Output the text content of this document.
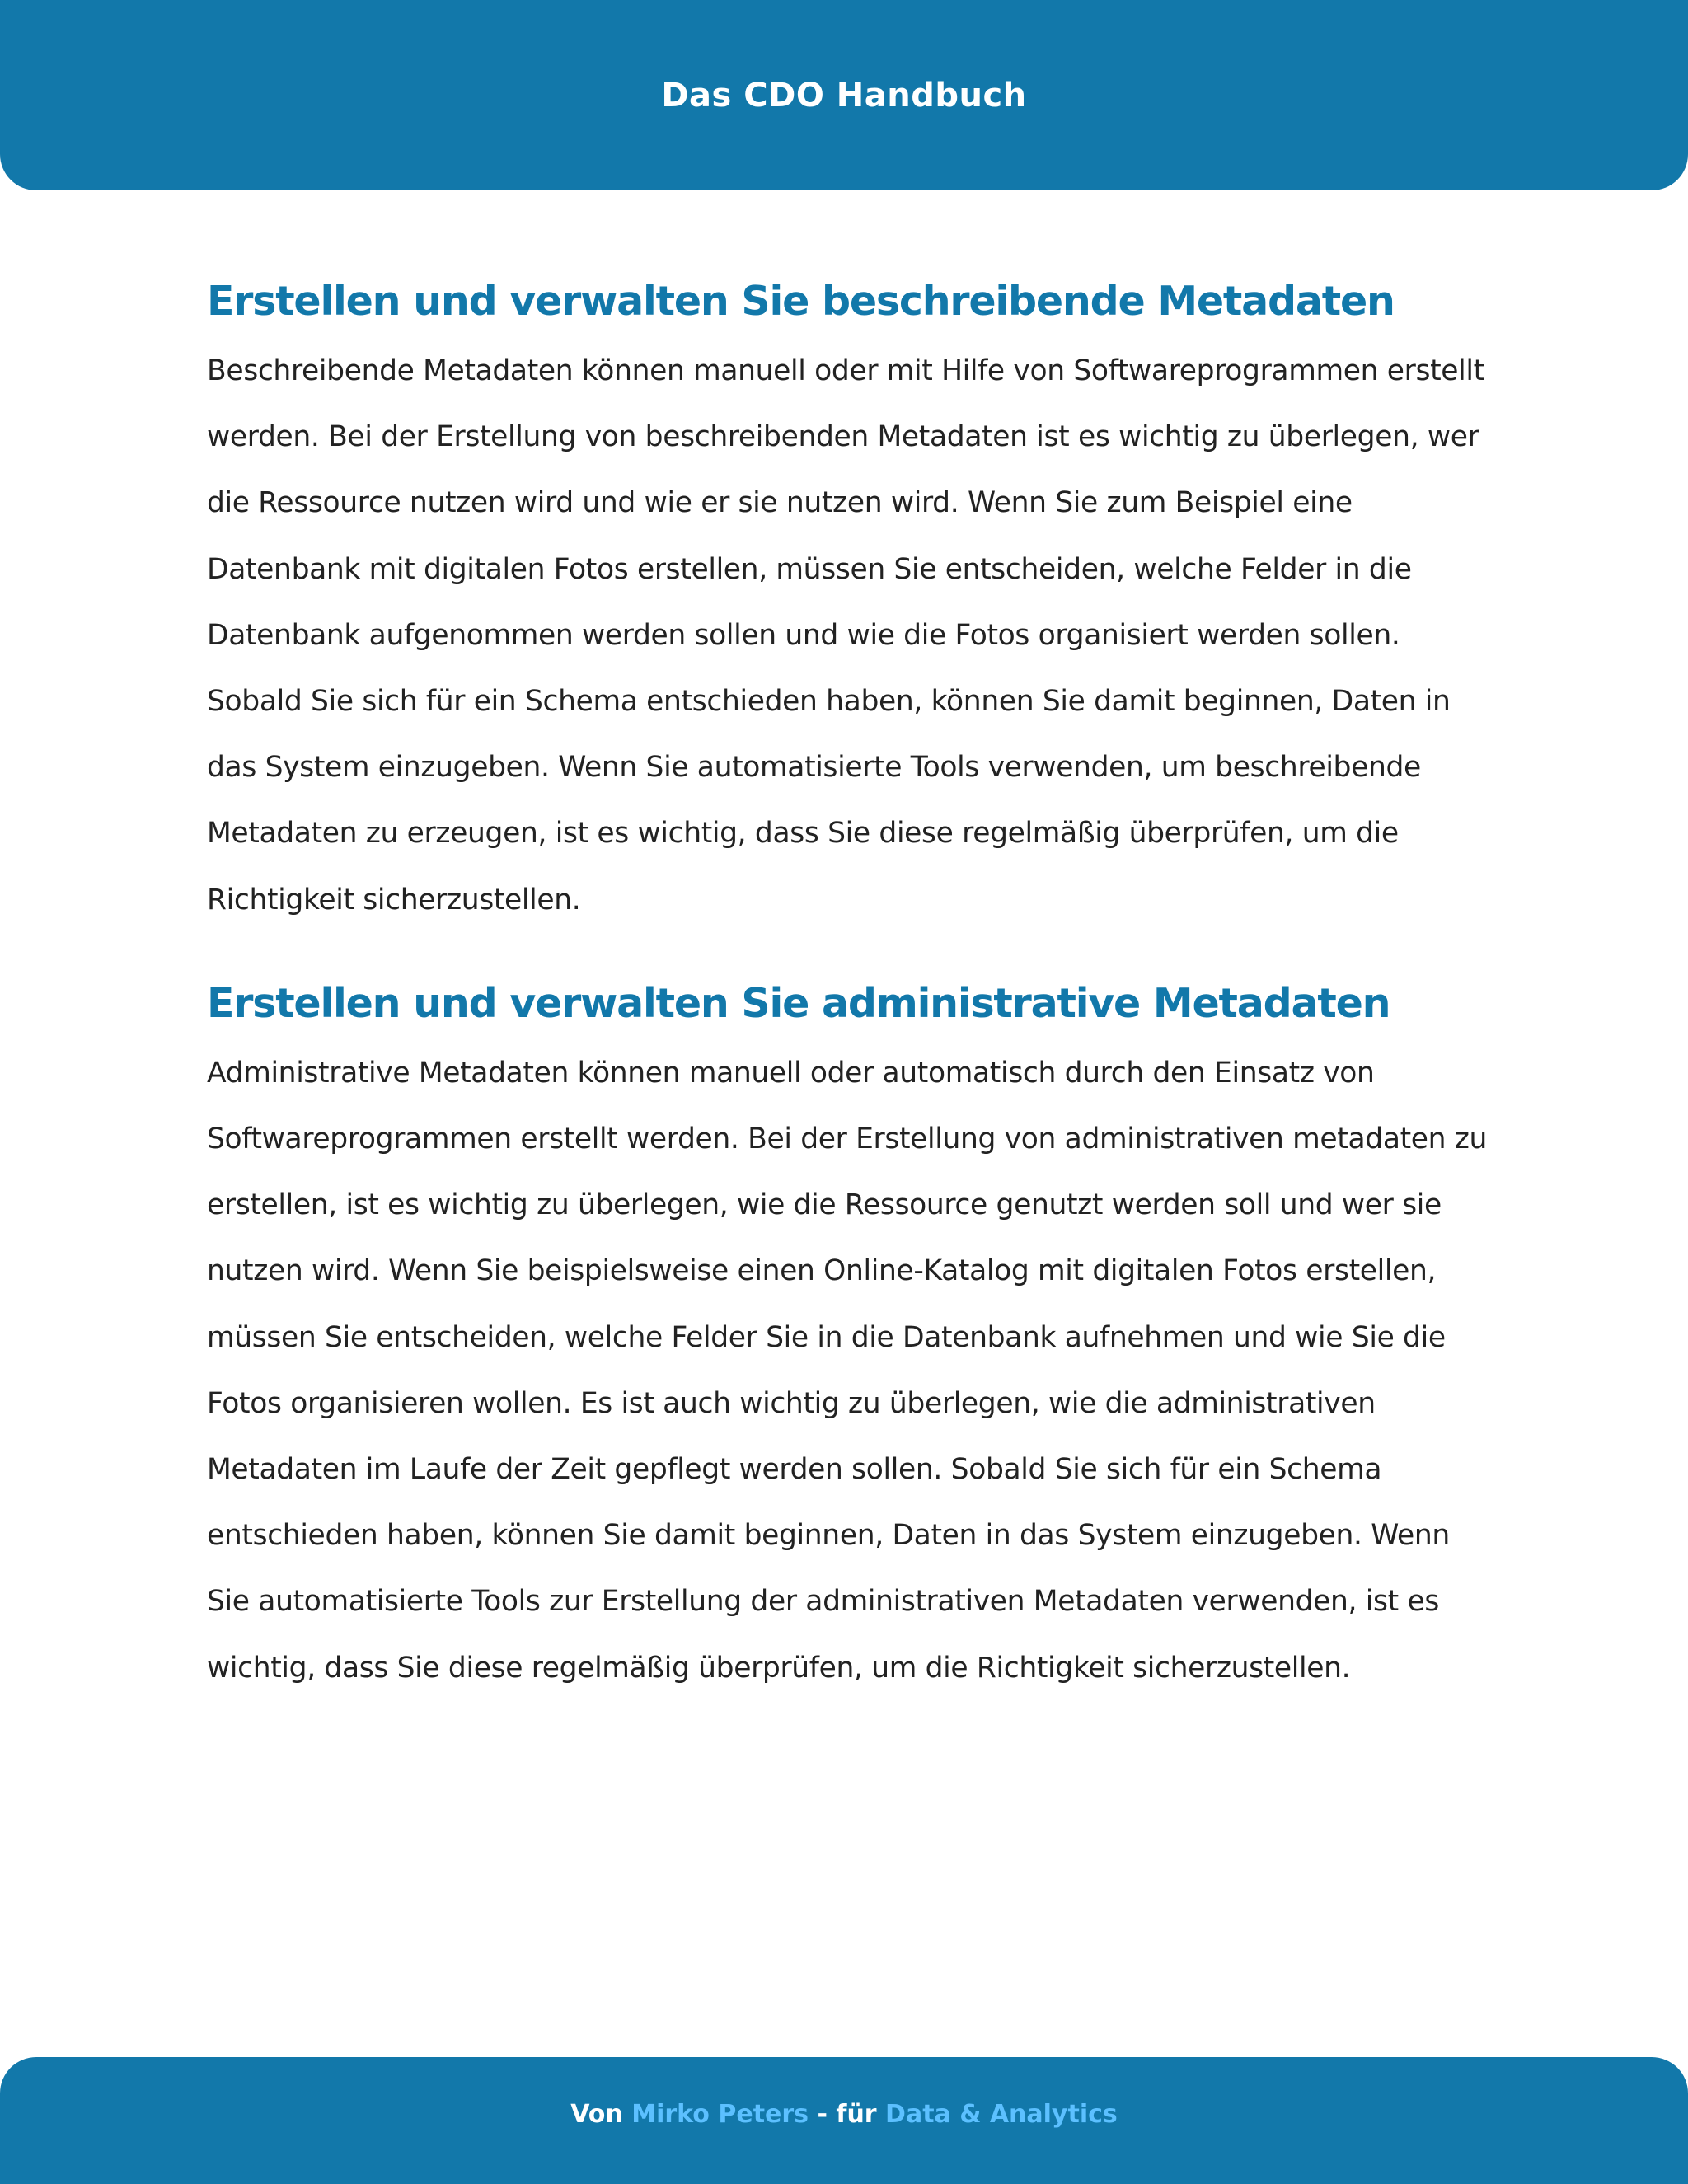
Das CDO Handbuch
Erstellen und verwalten Sie beschreibende Metadaten

Beschreibende Metadaten können manuell oder mit Hilfe von Softwareprogrammen erstellt werden. Bei der Erstellung von beschreibenden Metadaten ist es wichtig zu überlegen, wer die Ressource nutzen wird und wie er sie nutzen wird. Wenn Sie zum Beispiel eine Datenbank mit digitalen Fotos erstellen, müssen Sie entscheiden, welche Felder in die Datenbank aufgenommen werden sollen und wie die Fotos organisiert werden sollen. Sobald Sie sich für ein Schema entschieden haben, können Sie damit beginnen, Daten in das System einzugeben. Wenn Sie automatisierte Tools verwenden, um beschreibende Metadaten zu erzeugen, ist es wichtig, dass Sie diese regelmäßig überprüfen, um die Richtigkeit sicherzustellen.

Erstellen und verwalten Sie administrative Metadaten

Administrative Metadaten können manuell oder automatisch durch den Einsatz von Softwareprogrammen erstellt werden. Bei der Erstellung von administrativen metadaten zu erstellen, ist es wichtig zu überlegen, wie die Ressource genutzt werden soll und wer sie nutzen wird. Wenn Sie beispielsweise einen Online-Katalog mit digitalen Fotos erstellen, müssen Sie entscheiden, welche Felder Sie in die Datenbank aufnehmen und wie Sie die Fotos organisieren wollen. Es ist auch wichtig zu überlegen, wie die administrativen Metadaten im Laufe der Zeit gepflegt werden sollen. Sobald Sie sich für ein Schema entschieden haben, können Sie damit beginnen, Daten in das System einzugeben. Wenn Sie automatisierte Tools zur Erstellung der administrativen Metadaten verwenden, ist es wichtig, dass Sie diese regelmäßig überprüfen, um die Richtigkeit sicherzustellen.

Von Mirko Peters - für Data & Analytics
